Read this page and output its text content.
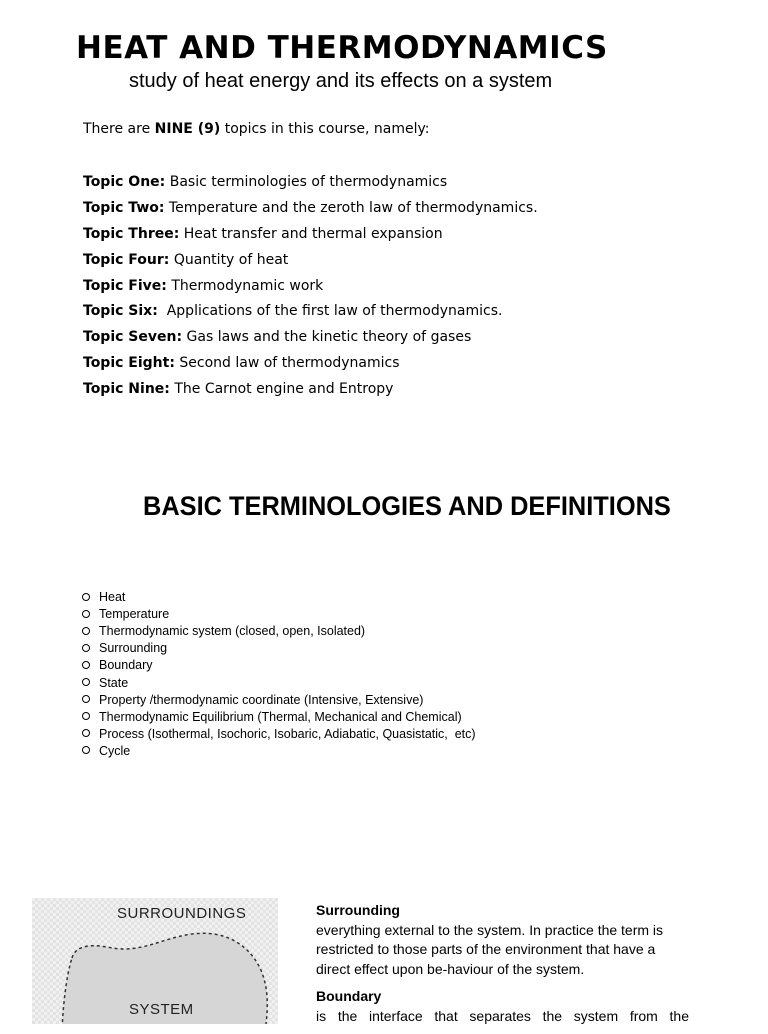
HEAT AND THERMODYNAMICS
study of heat energy and its effects on a system
There are NINE (9) topics in this course, namely:
Topic One: Basic terminologies of thermodynamics
Topic Two: Temperature and the zeroth law of thermodynamics.
Topic Three: Heat transfer and thermal expansion
Topic Four: Quantity of heat
Topic Five: Thermodynamic work
Topic Six:  Applications of the first law of thermodynamics.
Topic Seven: Gas laws and the kinetic theory of gases
Topic Eight: Second law of thermodynamics
Topic Nine: The Carnot engine and Entropy
BASIC TERMINOLOGIES AND DEFINITIONS
Heat
Temperature
Thermodynamic system (closed, open, Isolated)
Surrounding
Boundary
State
Property /thermodynamic coordinate (Intensive, Extensive)
Thermodynamic Equilibrium (Thermal, Mechanical and Chemical)
Process (Isothermal, Isochoric, Isobaric, Adiabatic, Quasistatic,  etc)
Cycle
SURROUNDINGS
SYSTEM
Surrounding
everything external to the system. In practice the term is restricted to those parts of the environment that have a direct effect upon be-haviour of the system.
Boundary
is the interface that separates the system from the
